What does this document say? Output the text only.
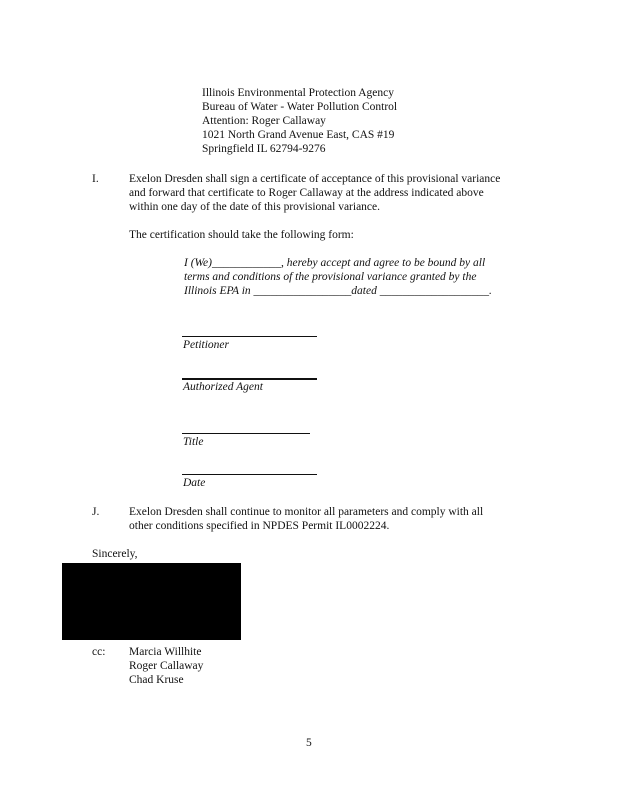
Illinois Environmental Protection Agency
Bureau of Water - Water Pollution Control
Attention: Roger Callaway
1021 North Grand Avenue East, CAS #19
Springfield IL 62794-9276
I.	Exelon Dresden shall sign a certificate of acceptance of this provisional variance
and forward that certificate to Roger Callaway at the address indicated above
within one day of the date of this provisional variance.
The certification should take the following form:
I (We)____________, hereby accept and agree to be bound by all
terms and conditions of the provisional variance granted by the
Illinois EPA in _________________dated ___________________.
Petitioner
Authorized Agent
Title
Date
J.	Exelon Dresden shall continue to monitor all parameters and comply with all
other conditions specified in NPDES Permit IL0002224.
Sincerely,
cc: Marcia Willhite
Roger Callaway
Chad Kruse
5
